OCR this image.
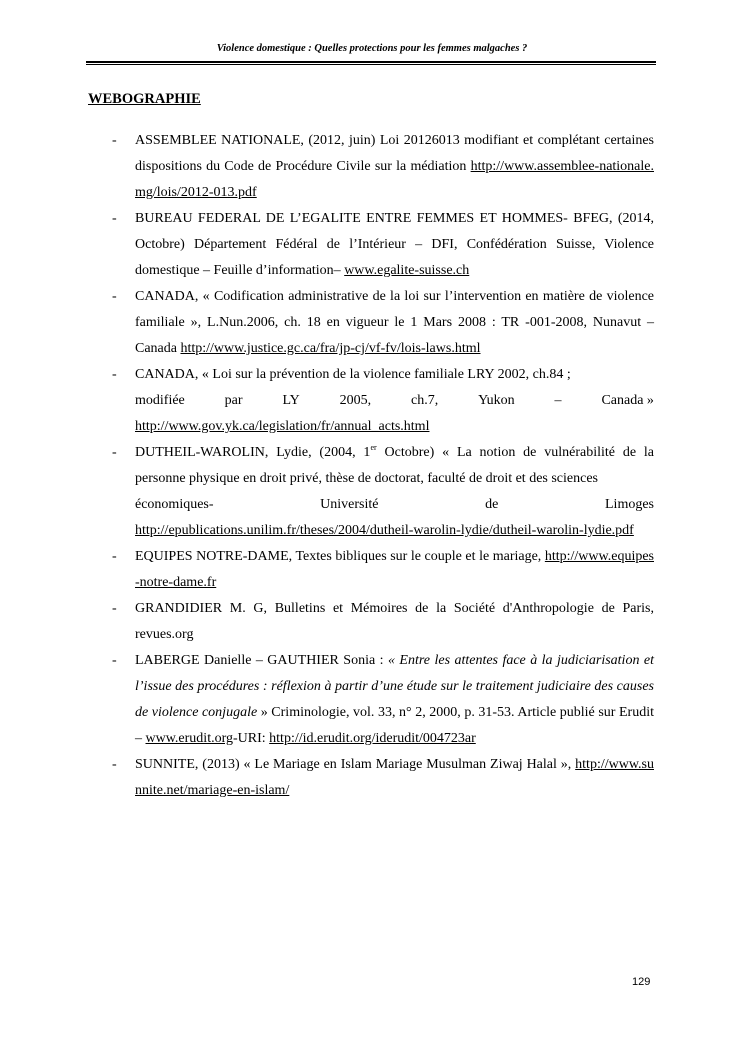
Violence domestique : Quelles protections pour les femmes malgaches ?
WEBOGRAPHIE
- ASSEMBLEE NATIONALE, (2012, juin) Loi 20126013 modifiant et complétant certaines dispositions du Code de Procédure Civile sur la médiation http://www.assemblee-nationale.mg/lois/2012-013.pdf
- BUREAU FEDERAL DE L’EGALITE ENTRE FEMMES ET HOMMES- BFEG, (2014, Octobre) Département Fédéral de l’Intérieur – DFI, Confédération Suisse, Violence domestique – Feuille d’information– www.egalite-suisse.ch
- CANADA, « Codification administrative de la loi sur l’intervention en matière de violence familiale », L.Nun.2006, ch. 18 en vigueur le 1 Mars 2008 : TR -001-2008, Nunavut – Canada http://www.justice.gc.ca/fra/jp-cj/vf-fv/lois-laws.html
- CANADA, « Loi sur la prévention de la violence familiale LRY 2002, ch.84 ;
modifiée	par	LY	2005,	ch.7,	Yukon	–	Canada »
http://www.gov.yk.ca/legislation/fr/annual_acts.html
- DUTHEIL-WAROLIN, Lydie, (2004, 1er Octobre) « La notion de vulnérabilité de la personne physique en droit privé, thèse de doctorat, faculté de droit et des sciences
économiques-	Université	de	Limoges
http://epublications.unilim.fr/theses/2004/dutheil-warolin-lydie/dutheil-warolin-lydie.pdf
- EQUIPES NOTRE-DAME, Textes bibliques sur le couple et le mariage, http://www.equipes-notre-dame.fr
- GRANDIDIER M. G, Bulletins et Mémoires de la Société d'Anthropologie de Paris, revues.org
- LABERGE Danielle – GAUTHIER Sonia : « Entre les attentes face à la judiciarisation et l’issue des procédures : réflexion à partir d’une étude sur le traitement judiciaire des causes de violence conjugale » Criminologie, vol. 33, n° 2, 2000, p. 31-53. Article publié sur Erudit – www.erudit.org-URI: http://id.erudit.org/iderudit/004723ar
- SUNNITE, (2013) « Le Mariage en Islam Mariage Musulman Ziwaj Halal », http://www.sunnite.net/mariage-en-islam/
129
